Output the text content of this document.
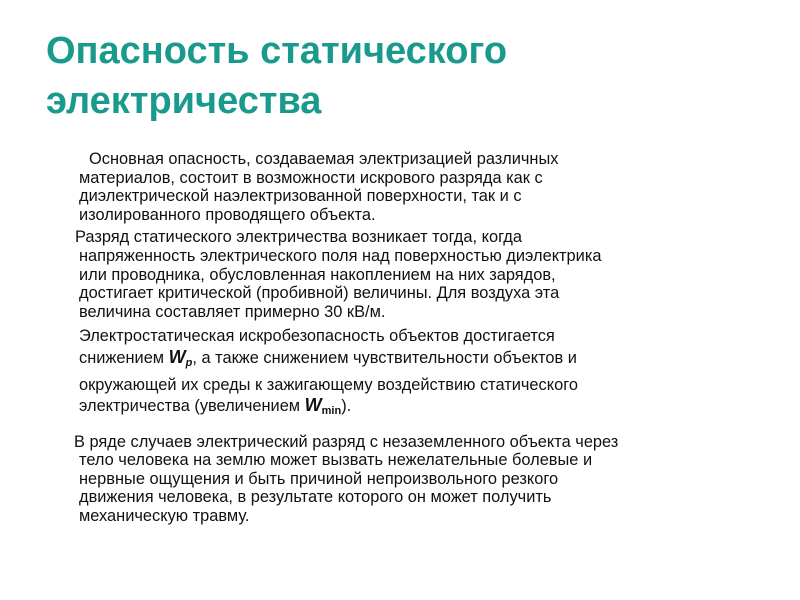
Опасность статического
электричества

Основная опасность, создаваемая электризацией различных
материалов, состоит в возможности искрового разряда как с
диэлектрической наэлектризованной поверхности, так и с
изолированного проводящего объекта.

Разряд статического электричества возникает тогда, когда
напряженность электрического поля над поверхностью диэлектрика
или проводника, обусловленная накоплением на них зарядов,
достигает критической (пробивной) величины. Для воздуха эта
величина составляет примерно 30 кВ/м.

Электростатическая искробезопасность объектов достигается
снижением $W_р$, а также снижением чувствительности объектов и
окружающей их среды к зажигающему воздействию статического
электричества (увеличением $W_{min}$).

В ряде случаев электрический разряд с незаземленного объекта через
тело человека на землю может вызвать нежелательные болевые и
нервные ощущения и быть причиной непроизвольного резкого
движения человека, в результате которого он может получить
механическую травму.
